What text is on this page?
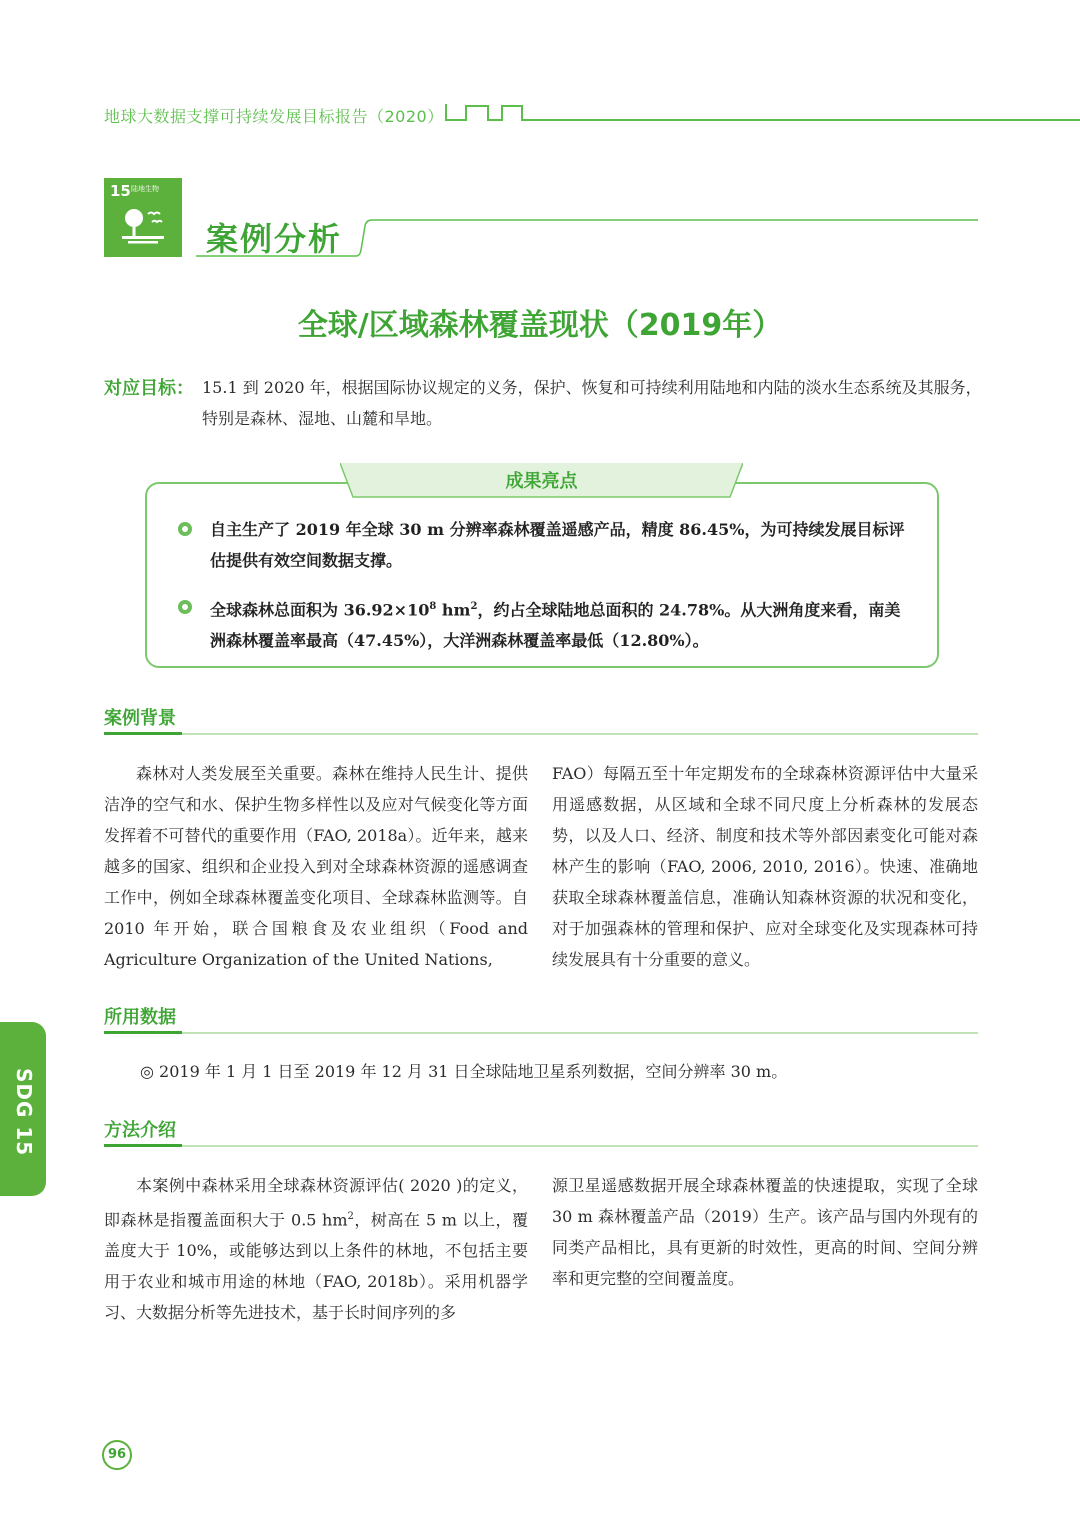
地球大数据支撑可持续发展目标报告（2020）
15 陆地生物
案例分析
全球/区域森林覆盖现状（2019年）
对应目标： 15.1 到 2020 年，根据国际协议规定的义务，保护、恢复和可持续利用陆地和内陆的淡水生态系统及其服务，特别是森林、湿地、山麓和旱地。
成果亮点
自主生产了 2019 年全球 30 m 分辨率森林覆盖遥感产品，精度 86.45%，为可持续发展目标评估提供有效空间数据支撑。
全球森林总面积为 $36.92\times 10^8$ $hm^2$，约占全球陆地总面积的 24.78%。从大洲角度来看，南美洲森林覆盖率最高（47.45%），大洋洲森林覆盖率最低（12.80%）。
案例背景

森林对人类发展至关重要。森林在维持人民生计、提供洁净的空气和水、保护生物多样性以及应对气候变化等方面发挥着不可替代的重要作用（FAO, 2018a）。近年来，越来越多的国家、组织和企业投入到对全球森林资源的遥感调查工作中，例如全球森林覆盖变化项目、全球森林监测等。自 2010 年开始，联合国粮食及农业组织（Food and Agriculture Organization of the United Nations,

FAO）每隔五至十年定期发布的全球森林资源评估中大量采用遥感数据，从区域和全球不同尺度上分析森林的发展态势，以及人口、经济、制度和技术等外部因素变化可能对森林产生的影响（FAO, 2006, 2010, 2016）。快速、准确地获取全球森林覆盖信息，准确认知森林资源的状况和变化，对于加强森林的管理和保护、应对全球变化及实现森林可持续发展具有十分重要的意义。

所用数据
◎ 2019 年 1 月 1 日至 2019 年 12 月 31 日全球陆地卫星系列数据，空间分辨率 30 m。
方法介绍

本案例中森林采用全球森林资源评估( 2020 )的定义，即森林是指覆盖面积大于 0.5 $hm^2$，树高在 5 m 以上，覆盖度大于 10%，或能够达到以上条件的林地，不包括主要用于农业和城市用途的林地（FAO, 2018b）。采用机器学习、大数据分析等先进技术，基于长时间序列的多

源卫星遥感数据开展全球森林覆盖的快速提取，实现了全球 30 m 森林覆盖产品（2019）生产。该产品与国内外现有的同类产品相比，具有更新的时效性，更高的时间、空间分辨率和更完整的空间覆盖度。

SDG 15
96
